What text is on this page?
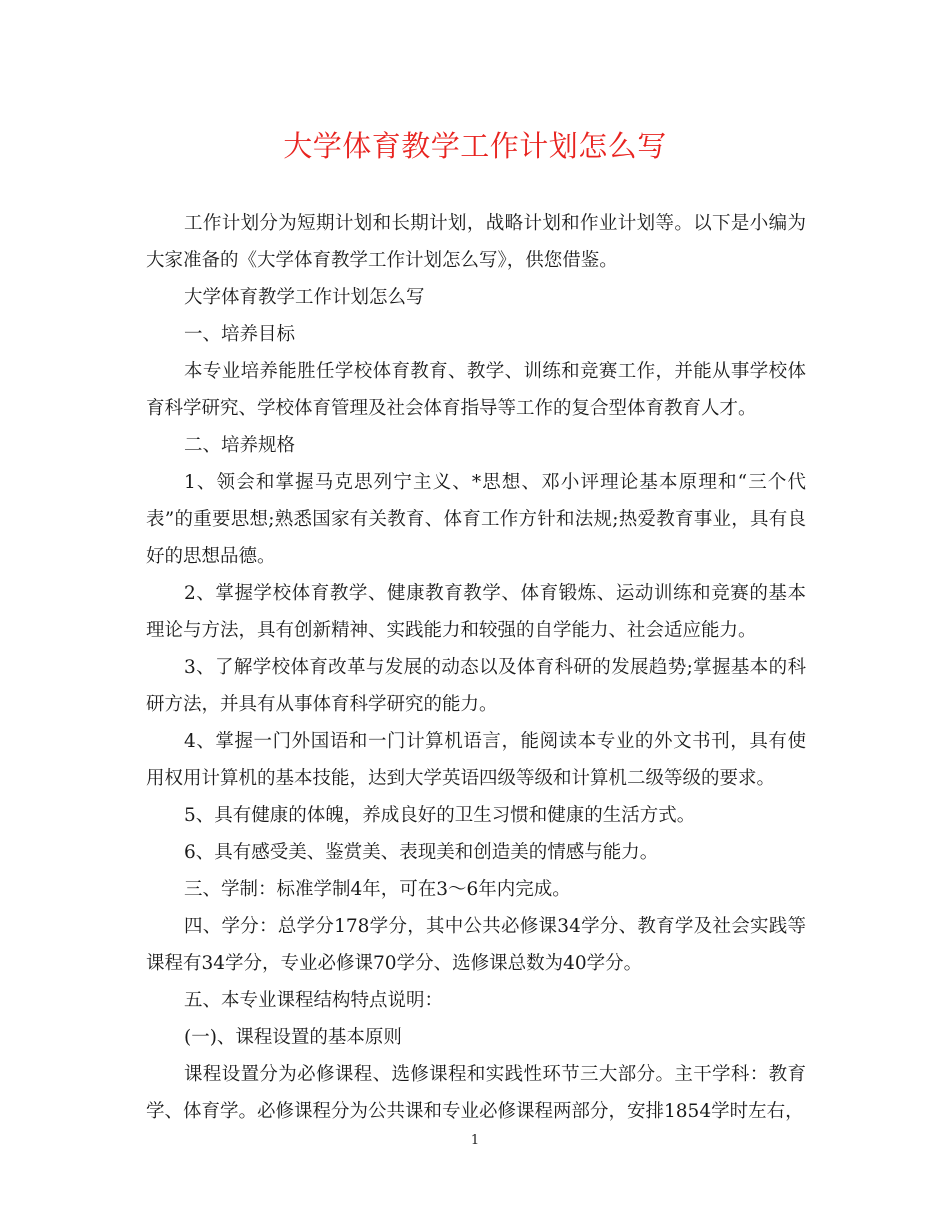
大学体育教学工作计划怎么写

工作计划分为短期计划和长期计划，战略计划和作业计划等。以下是小编为大家准备的《大学体育教学工作计划怎么写》，供您借鉴。

大学体育教学工作计划怎么写

一、培养目标

本专业培养能胜任学校体育教育、教学、训练和竞赛工作，并能从事学校体育科学研究、学校体育管理及社会体育指导等工作的复合型体育教育人才。

二、培养规格

1、领会和掌握马克思列宁主义、*思想、邓小评理论基本原理和“三个代表”的重要思想;熟悉国家有关教育、体育工作方针和法规;热爱教育事业，具有良好的思想品德。

2、掌握学校体育教学、健康教育教学、体育锻炼、运动训练和竞赛的基本理论与方法，具有创新精神、实践能力和较强的自学能力、社会适应能力。

3、了解学校体育改革与发展的动态以及体育科研的发展趋势;掌握基本的科研方法，并具有从事体育科学研究的能力。

4、掌握一门外国语和一门计算机语言，能阅读本专业的外文书刊，具有使用权用计算机的基本技能，达到大学英语四级等级和计算机二级等级的要求。

5、具有健康的体魄，养成良好的卫生习惯和健康的生活方式。

6、具有感受美、鉴赏美、表现美和创造美的情感与能力。

三、学制：标准学制4年，可在3～6年内完成。

四、学分：总学分178学分，其中公共必修课34学分、教育学及社会实践等课程有34学分，专业必修课70学分、选修课总数为40学分。

五、本专业课程结构特点说明：

(一)、课程设置的基本原则

课程设置分为必修课程、选修课程和实践性环节三大部分。主干学科：教育学、体育学。必修课程分为公共课和专业必修课程两部分，安排1854学时左右，

1
